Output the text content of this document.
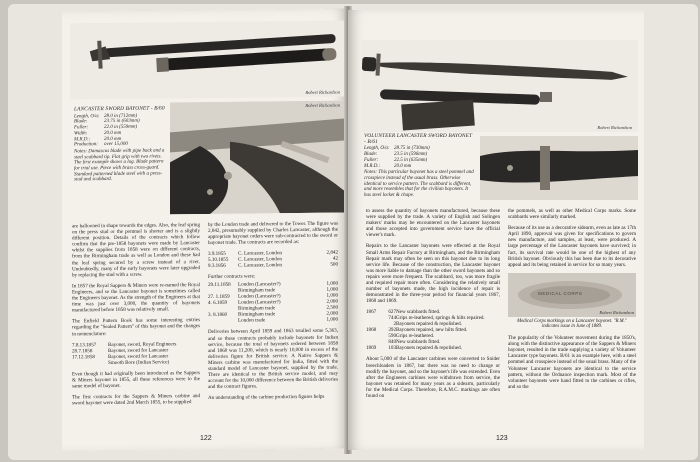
Robert Richardson
LANCASTER SWORD BAYONET - B/60
Length, O/a: 28.0 in (712mm)
Blade:	23.75 in (603mm)
Fuller:	22.0 in (559mm)
Width:	20.0 mm
M.R.D.:	20.0 mm
Production:	over 15,000
Notes: Damascus blade with pipe back and a steel scabbard tip. Flat grip with two rivets. The first example shows a lug. Blade pattern for trial use. Piece with brass cross-guard. Standard patterned blade steel with a press-stud and scabbard.
Robert Richardson

are ballooned in shape towards the edges. Also, the leaf spring on the press stud or the pommel is shorter and is a slightly different position. Details of the contracts which follow confirm that the pre-1858 bayonets were made by Lancaster whilst the supplies from 1858 were on different contracts, from the Birmingham trade as well as London and these had the leaf spring secured by a screw instead of a rivet. Undoubtedly, many of the early bayonets were later upgraded by replacing the stud with a screw.

In 1857 the Royal Sappers & Miners were re-named the Royal Engineers, and so the Lancaster bayonet is sometimes called the Engineers bayonet. As the strength of the Engineers at that time was just over 3,000, the quantity of bayonets manufactured before 1858 was relatively small.

The Enfield Pattern Book has some interesting entries regarding the "Sealed Pattern" of this bayonet and the changes in nomenclature:

7.8.13.1857	Bayonet, sword, Royal Engineers
28.7.1858	Bayonet, sword for Lancaster
17.12.1858	Bayonet, sword for Lancaster
	Smooth Bore (Indian Service)

Even though it had originally been introduced as the Sappers & Miners bayonet in 1855, all these references were to the same model of bayonet.

The first contracts for the Sappers & Miners carbine and sword bayonet were dated 2nd March 1855, to be supplied

by the London trade and delivered to the Tower. The figure was 2,842, presumably supplied by Charles Lancaster, although the appropriate bayonet orders were sub-contracted to the sword or bayonet trade. The contracts are recorded as:

3.9.1855	C. Lancaster, London	2,842
5.10.1855	C. Lancaster, London	42
9.3.1856	C. Lancaster, London	500

Further contracts were:

29.11.1858	London (Lancaster?)	1,000
	Birmingham trade	1,000
27. 1.1859	London (Lancaster?)	1,000
4. 6.1859	London (Lancaster?)	2,000
	Birmingham trade	2,500
3. 8.1860	Birmingham trade	2,000
	London trade	1,000

Deliveries between April 1859 and 1863 totalled some 5,363, and so these contracts probably include bayonets for Indian service, because the total of bayonets ordered between 1858 and 1860 was 11,200, which is nearly 10,000 in excess of the deliveries figure for British service. A Native Sappers & Miners carbine was manufactured for India, fitted with the standard model of Lancaster bayonet, supplied by the trade. There are identical to the British service model, and may account for the 10,000 difference between the British deliveries and the contract figures.

An understanding of the carbine production figures helps

122
Robert Richardson
VOLUNTEER LANCASTER SWORD BAYONET - B/61
Length, O/a: 28.75 in (730mm)
Blade:	23.5 in (596mm)
Fuller:	22.5 in (635mm)
M.R.D.:	20.0 mm
Notes: This particular bayonet has a steel pommel and crosspiece instead of the usual brass. Otherwise identical to service pattern. The scabbard is different, and more resembles that for the civilian bayonets. It has steel locket & chape.

to assess the quantity of bayonets manufactured, because these were supplied by the trade. A variety of English and Solingen makers' marks may be encountered on the Lancaster bayonets and those accepted into government service have the official viewer's mark.

Repairs to the Lancaster bayonets were effected at the Royal Small Arms Repair Factory at Birmingham, and the Birmingham Repair mark may often be seen on this bayonet due to its long service life. Because of the construction, the Lancaster bayonet was more liable to damage than the other sword bayonets and so repairs were more frequent. The scabbard, too, was more fragile and required repair more often. Considering the relatively small number of bayonets made, the high incidence of repair is demonstrated in the three-year period for financial years 1867, 1868 and 1869.

1867	627	New scabbards fitted.
	744	Grips re-leathered, springs & hilts repaired.
	2	Bayonets repaired & repolished.
1868	392	Bayonets repaired, new hilts fitted.
	590	Grips re-leathered.
	840	New scabbards fitted.
1869	103	Bayonets repaired & repolished.

About 5,000 of the Lancaster carbines were converted to Snider breechloaders in 1867, but there was no need to change or modify the bayonet, and so the bayonet's life was extended. Even after the Engineers carbines were withdrawn from service, the bayonet was retained for many years as a sidearm, particularly for the Medical Corps. Therefore, R.A.M.C. markings are often found on

the pommels, as well as other Medical Corps marks. Some scabbards were similarly marked.

Because of its use as a decorative sidearm, even as late as 17th April 1890, approval was given for specifications to govern new manufacture, and samples, at least, were produced. A large percentage of the Lancaster bayonets have survived; in fact, its survival rate would be one of the highest of any British bayonet. Obviously this has been due to its decorative appeal and its being retained in service for so many years.

MEDICAL CORPS
Robert Richardson

Medical Corps markings on a Lancaster bayonet. "R.M." indicates issue in June of 1889.

The popularity of the Volunteer movement during the 1850's, along with the distinctive appearance of the Sappers & Miners bayonet, resulted in the trade supplying a variety of Volunteer Lancaster type bayonets. B/61 is an example here, with a steel pommel and crosspiece instead of the usual brass. Many of the Volunteer Lancaster bayonets are identical to the service pattern, without the Ordnance inspection mark. Most of the volunteer bayonets were hand fitted to the carbines or rifles, and so the

123
